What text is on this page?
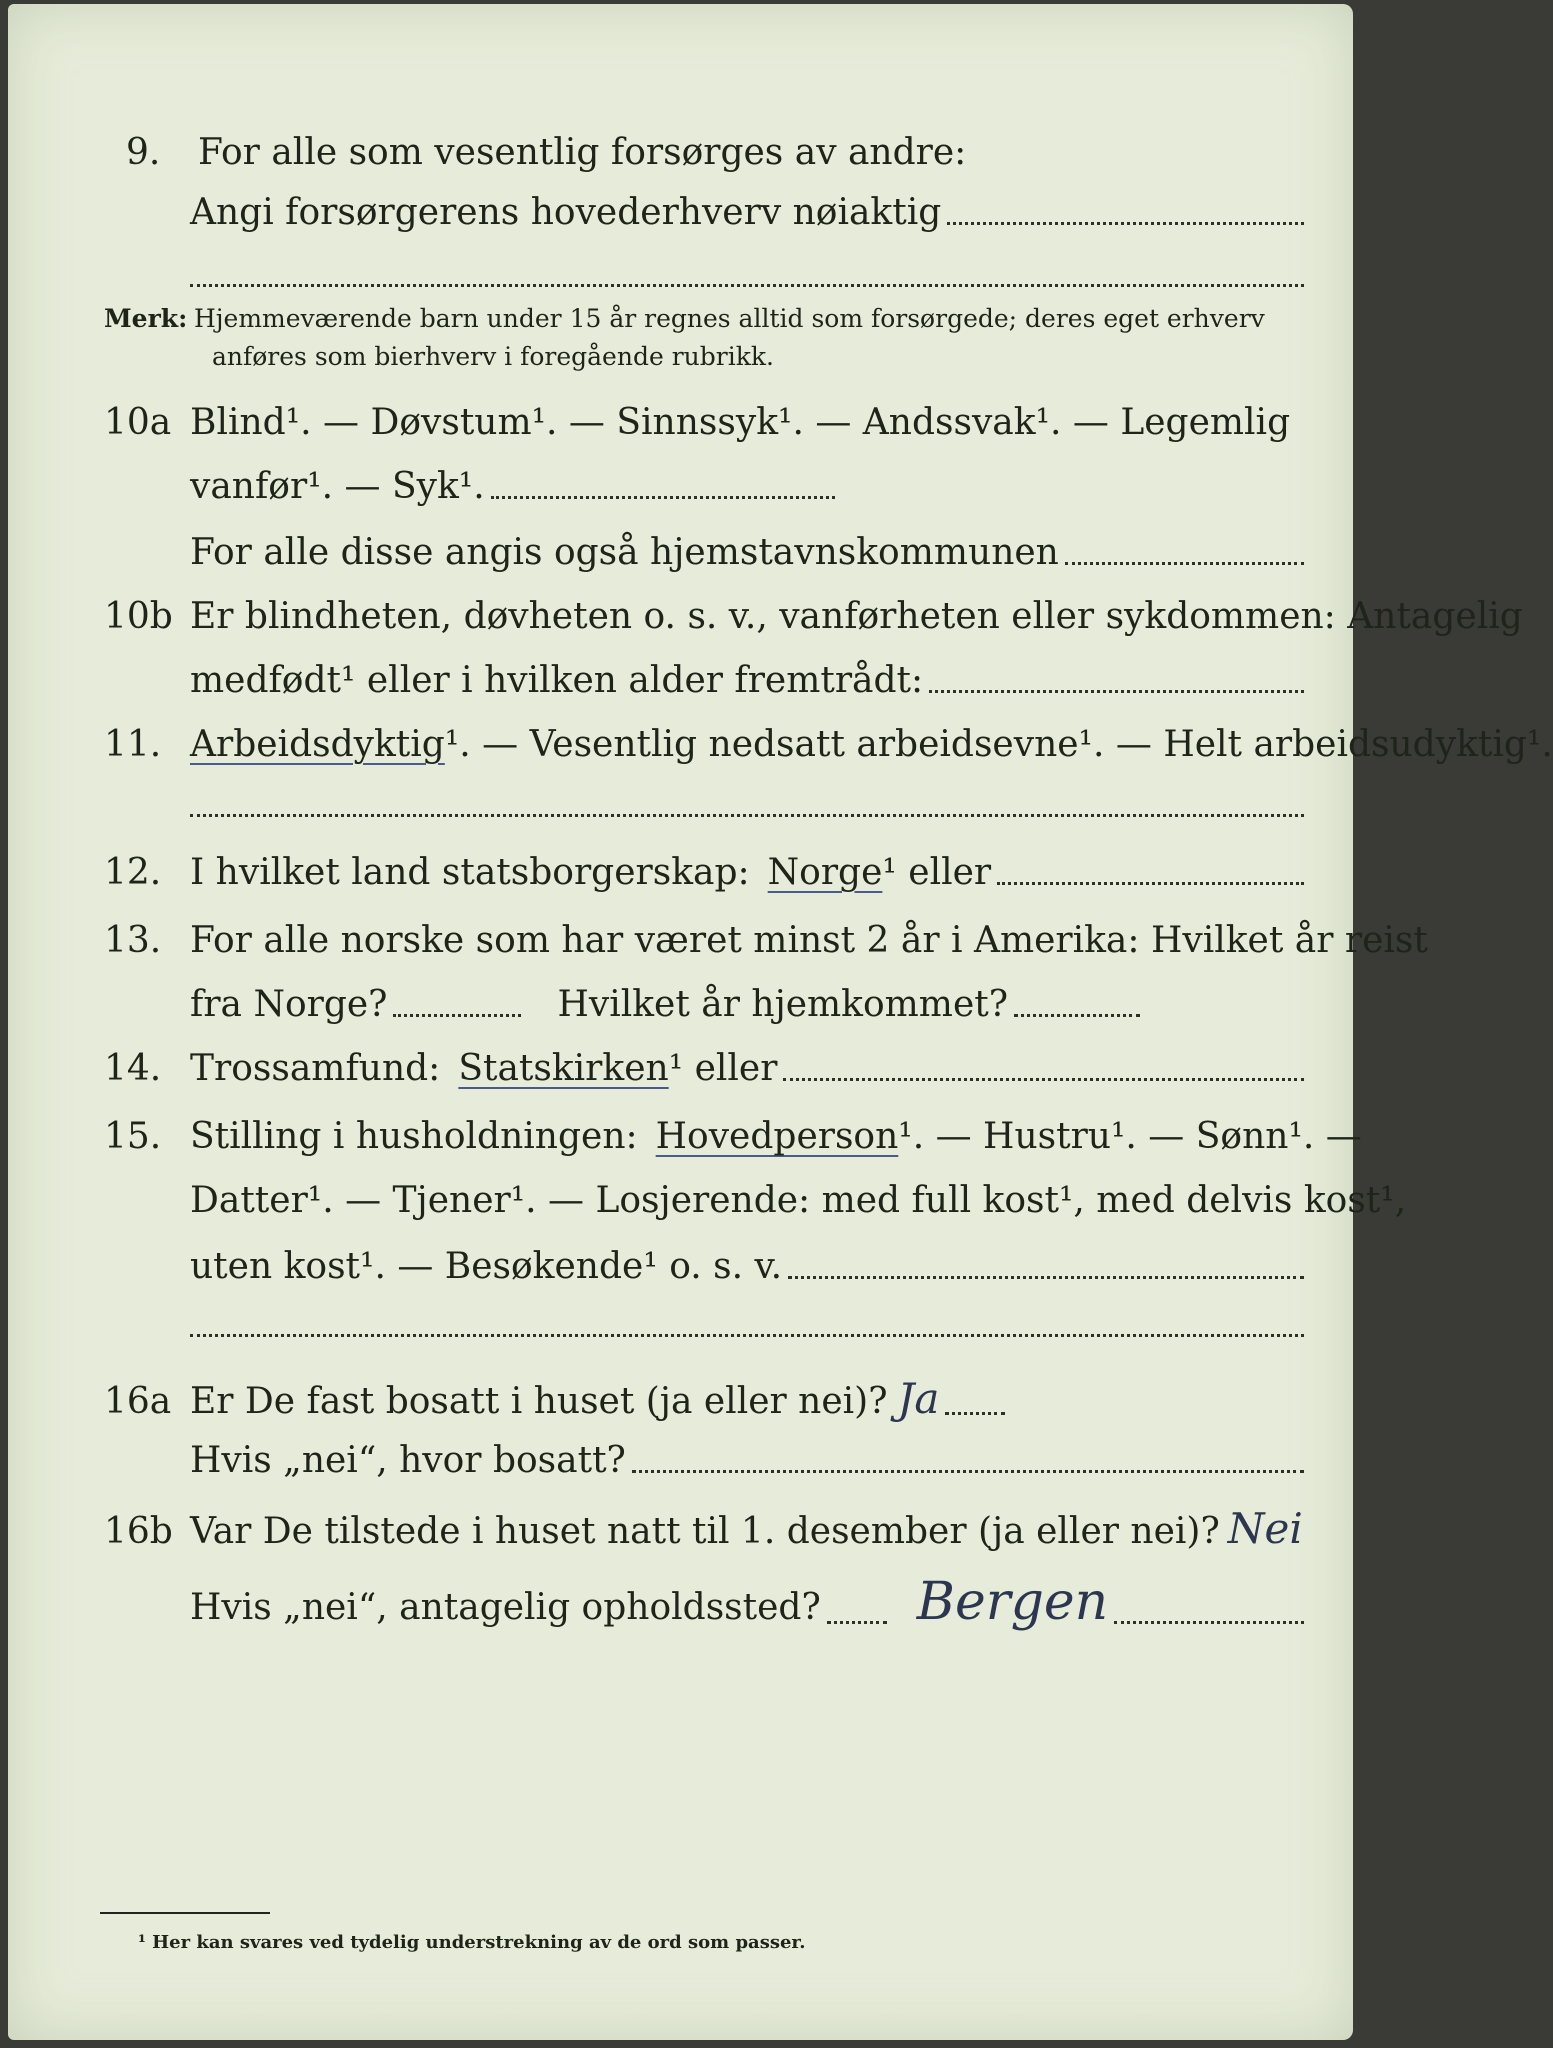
9.	For alle som vesentlig forsørges av andre:
Angi forsørgerens hovederhverv nøiaktig
Merk: Hjemmeværende barn under 15 år regnes alltid som forsørgede; deres eget erhverv
anføres som bierhverv i foregående rubrikk.
10a Blind¹. — Døvstum¹. — Sinnssyk¹. — Andssvak¹. — Legemlig
vanfør¹. — Syk¹.
For alle disse angis også hjemstavnskommunen
10b Er blindheten, døvheten o. s. v., vanførheten eller sykdommen: Antagelig
medfødt¹ eller i hvilken alder fremtrådt:
11. Arbeidsdyktig ¹. — Vesentlig nedsatt arbeidsevne¹. — Helt arbeidsudyktig¹.
12. I hvilket land statsborgerskap: Norge ¹ eller
13. For alle norske som har været minst 2 år i Amerika: Hvilket år reist
fra Norge?	Hvilket år hjemkommet?
14. Trossamfund: Statskirken ¹ eller
15. Stilling i husholdningen: Hovedperson ¹. — Hustru¹. — Sønn¹. —
Datter¹. — Tjener¹. — Losjerende: med full kost¹, med delvis kost¹,
uten kost¹. — Besøkende¹ o. s. v.
16a Er De fast bosatt i huset (ja eller nei)? Ja
Hvis „nei“, hvor bosatt?
16b Var De tilstede i huset natt til 1. desember (ja eller nei)? Nei
Hvis „nei“, antagelig opholdssted? Bergen
¹ Her kan svares ved tydelig understrekning av de ord som passer.
